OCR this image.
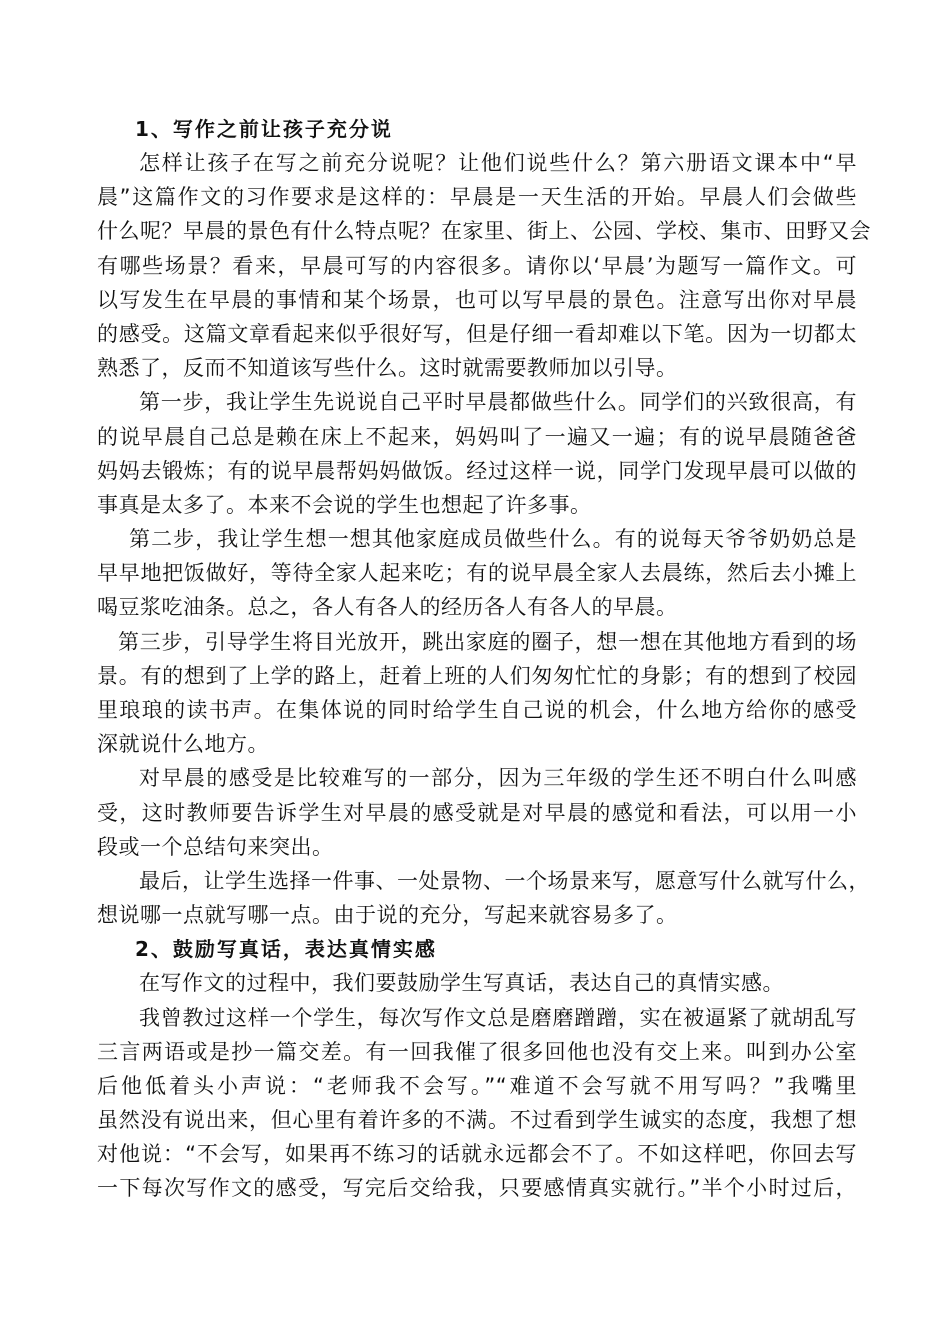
1、写作之前让孩子充分说
怎样让孩子在写之前充分说呢？让他们说些什么？第六册语文课本中“早
晨”这篇作文的习作要求是这样的：早晨是一天生活的开始。早晨人们会做些
什么呢？早晨的景色有什么特点呢？在家里、街上、公园、学校、集市、田野又会
有哪些场景？看来，早晨可写的内容很多。请你以‘早晨’为题写一篇作文。可
以写发生在早晨的事情和某个场景，也可以写早晨的景色。注意写出你对早晨
的感受。这篇文章看起来似乎很好写，但是仔细一看却难以下笔。因为一切都太
熟悉了，反而不知道该写些什么。这时就需要教师加以引导。
第一步，我让学生先说说自己平时早晨都做些什么。同学们的兴致很高，有
的说早晨自己总是赖在床上不起来，妈妈叫了一遍又一遍；有的说早晨随爸爸
妈妈去锻炼；有的说早晨帮妈妈做饭。经过这样一说，同学门发现早晨可以做的
事真是太多了。本来不会说的学生也想起了许多事。
第二步，我让学生想一想其他家庭成员做些什么。有的说每天爷爷奶奶总是
早早地把饭做好，等待全家人起来吃；有的说早晨全家人去晨练，然后去小摊上
喝豆浆吃油条。总之，各人有各人的经历各人有各人的早晨。
第三步，引导学生将目光放开，跳出家庭的圈子，想一想在其他地方看到的场
景。有的想到了上学的路上，赶着上班的人们匆匆忙忙的身影；有的想到了校园
里琅琅的读书声。在集体说的同时给学生自己说的机会，什么地方给你的感受
深就说什么地方。
对早晨的感受是比较难写的一部分，因为三年级的学生还不明白什么叫感
受，这时教师要告诉学生对早晨的感受就是对早晨的感觉和看法，可以用一小
段或一个总结句来突出。
最后，让学生选择一件事、一处景物、一个场景来写，愿意写什么就写什么，
想说哪一点就写哪一点。由于说的充分，写起来就容易多了。
2、鼓励写真话，表达真情实感
在写作文的过程中，我们要鼓励学生写真话，表达自己的真情实感。
我曾教过这样一个学生，每次写作文总是磨磨蹭蹭，实在被逼紧了就胡乱写
三言两语或是抄一篇交差。有一回我催了很多回他也没有交上来。叫到办公室
后他低着头小声说：“老师我不会写。”“难道不会写就不用写吗？”我嘴里
虽然没有说出来，但心里有着许多的不满。不过看到学生诚实的态度，我想了想
对他说：“不会写，如果再不练习的话就永远都会不了。不如这样吧，你回去写
一下每次写作文的感受，写完后交给我，只要感情真实就行。”半个小时过后，
